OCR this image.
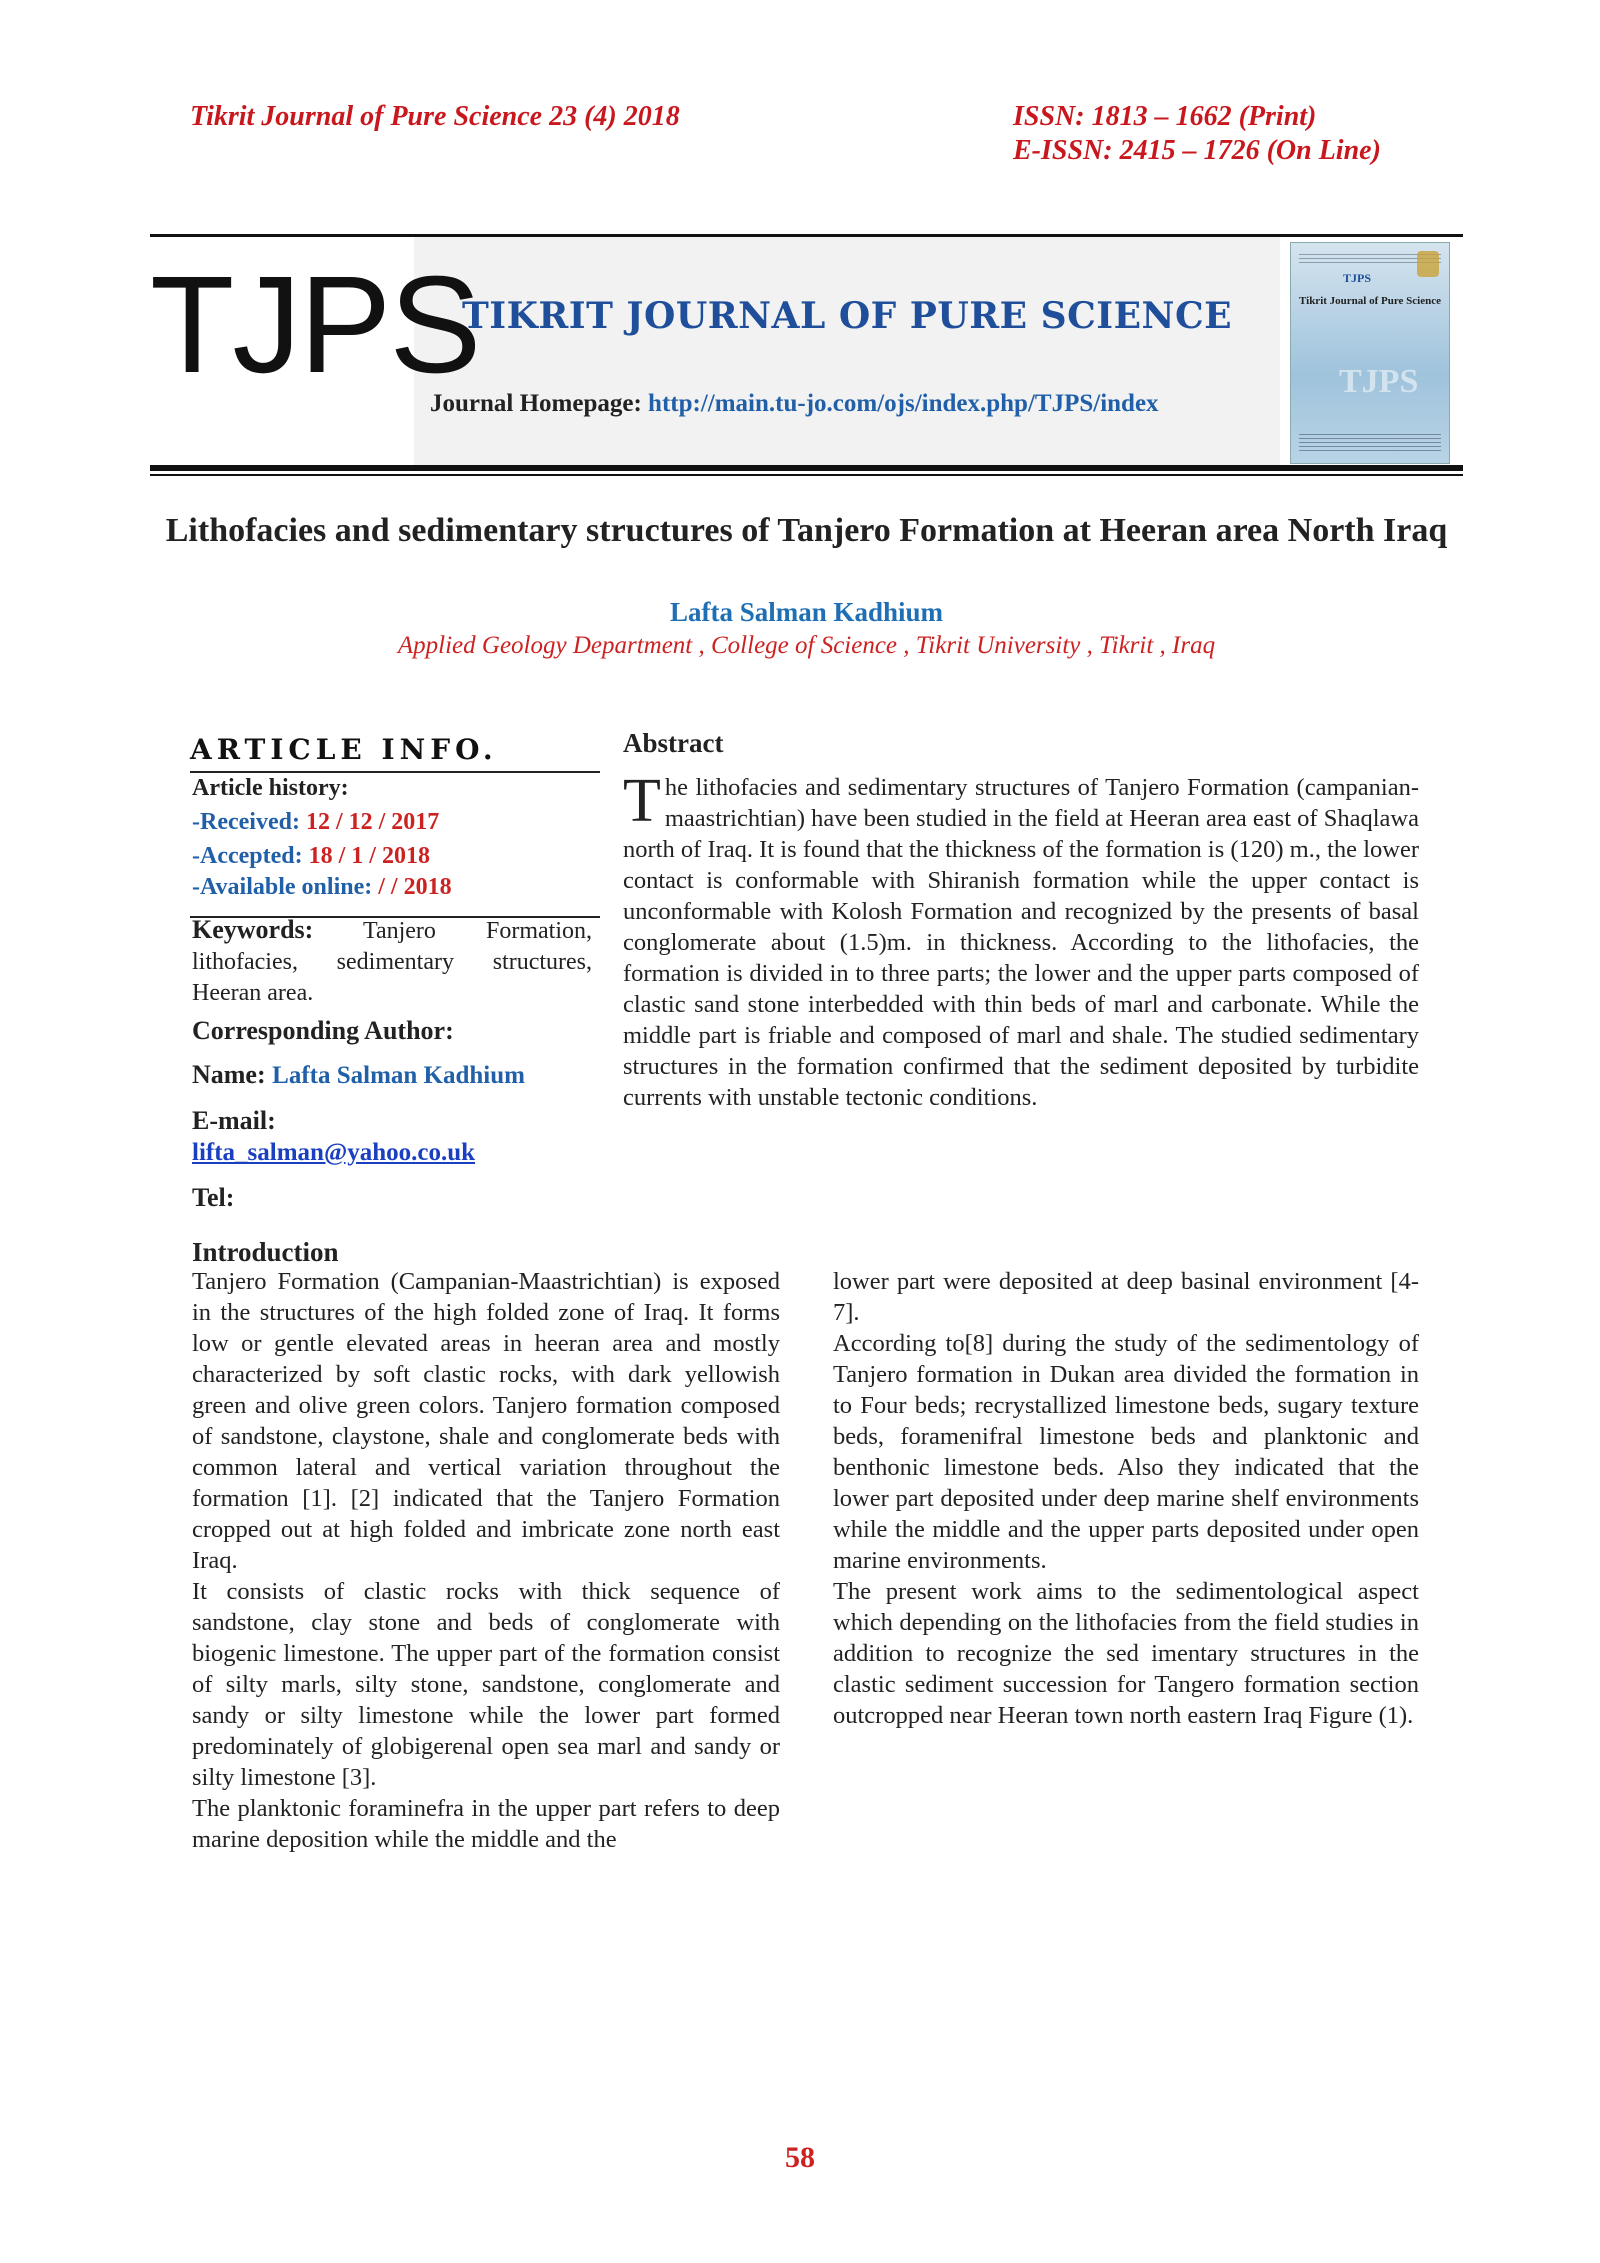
Tikrit Journal of Pure Science 23 (4) 2018	ISSN: 1813 – 1662 (Print)
E-ISSN: 2415 – 1726 (On Line)
TJPS
TIKRIT JOURNAL OF PURE SCIENCE
Journal Homepage: http://main.tu-jo.com/ojs/index.php/TJPS/index
TJPS
Tikrit Journal of Pure Science
TJPS
Lithofacies and sedimentary structures of Tanjero Formation at Heeran area North Iraq
Lafta Salman Kadhium
Applied Geology Department , College of Science , Tikrit University , Tikrit , Iraq
ARTICLE INFO.
Article history:
-Received: 12 / 12 / 2017
-Accepted: 18 / 1 / 2018
-Available online: / / 2018
Keywords: Tanjero Formation, lithofacies, sedimentary structures, Heeran area.
Corresponding Author:
Name: Lafta Salman Kadhium
E-mail:
lifta_salman@yahoo.co.uk
Tel:
Abstract
The lithofacies and sedimentary structures of Tanjero Formation (campanian- maastrichtian) have been studied in the field at Heeran area east of Shaqlawa north of Iraq. It is found that the thickness of the formation is (120) m., the lower contact is conformable with Shiranish formation while the upper contact is unconformable with Kolosh Formation and recognized by the presents of basal conglomerate about (1.5)m. in thickness. According to the lithofacies, the formation is divided in to three parts; the lower and the upper parts composed of clastic sand stone interbedded with thin beds of marl and carbonate. While the middle part is friable and composed of marl and shale. The studied sedimentary structures in the formation confirmed that the sediment deposited by turbidite currents with unstable tectonic conditions.
Introduction

Tanjero Formation (Campanian-Maastrichtian) is exposed in the structures of the high folded zone of Iraq. It forms low or gentle elevated areas in heeran area and mostly characterized by soft clastic rocks, with dark yellowish green and olive green colors. Tanjero formation composed of sandstone, claystone, shale and conglomerate beds with common lateral and vertical variation throughout the formation [1]. [2] indicated that the Tanjero Formation cropped out at high folded and imbricate zone north east Iraq.

It consists of clastic rocks with thick sequence of sandstone, clay stone and beds of conglomerate with biogenic limestone. The upper part of the formation consist of silty marls, silty stone, sandstone, conglomerate and sandy or silty limestone while the lower part formed predominately of globigerenal open sea marl and sandy or silty limestone [3].

The planktonic foraminefra in the upper part refers to deep marine deposition while the middle and the

lower part were deposited at deep basinal environment [4-7].

According to[8] during the study of the sedimentology of Tanjero formation in Dukan area divided the formation in to Four beds; recrystallized limestone beds, sugary texture beds, foramenifral limestone beds and planktonic and benthonic limestone beds. Also they indicated that the lower part deposited under deep marine shelf environments while the middle and the upper parts deposited under open marine environments.

The present work aims to the sedimentological aspect which depending on the lithofacies from the field studies in addition to recognize the sed imentary structures in the clastic sediment succession for Tangero formation section outcropped near Heeran town north eastern Iraq Figure (1).

58
